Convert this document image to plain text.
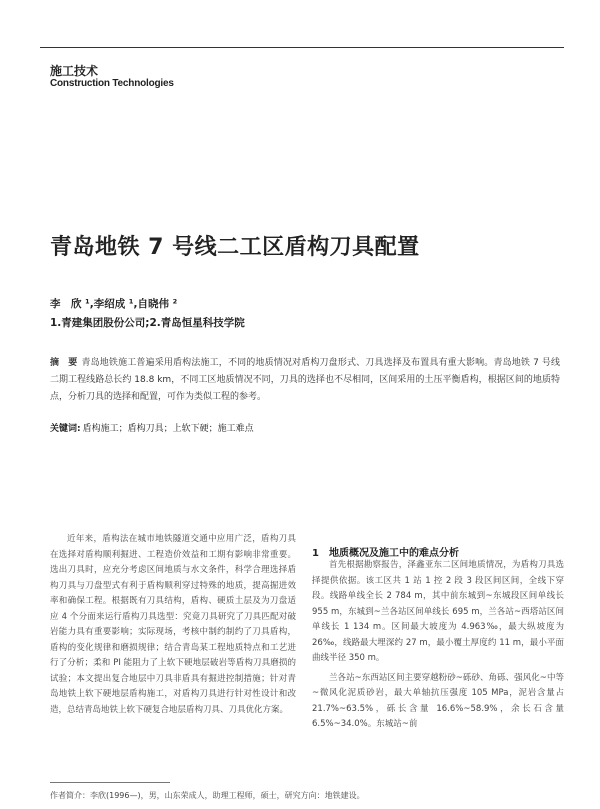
施工技术
Construction Technologies
青岛地铁 7 号线二工区盾构刀具配置
李　欣 ¹,李绍成 ¹,自晓伟 ²
1.青建集团股份公司;2.青岛恒星科技学院
摘　要 青岛地铁施工普遍采用盾构法施工，不同的地质情况对盾构刀盘形式、刀具选择及布置具有重大影响。青岛地铁 7 号线二期工程线路总长约 18.8 km，不同工区地质情况不同，刀具的选择也不尽相同，区间采用的土压平衡盾构，根据区间的地质特点，分析刀具的选择和配置，可作为类似工程的参考。
关键词: 盾构施工；盾构刀具；上软下硬；施工难点
近年来，盾构法在城市地铁隧道交通中应用广泛，盾构刀具在选择对盾构顺利掘进、工程造价效益和工期有影响非常重要。选出刀具时，应充分考虑区间地质与水文条件，科学合理选择盾构刀具与刀盘型式有利于盾构顺利穿过特殊的地质，提高掘进效率和确保工程。根据既有刀具结构，盾构、硬质土层及为刀盘适应 4 个分面来运行盾构刀具选型：究竟刀具研究了刀具匹配对破岩能力具有重要影响；实际现场，考核中制约制约了刀具盾构，盾构的变化规律和磨损规律；结合青岛某工程地质特点和工艺进行了分析；柔和 PI 能阻力了上软下硬地层破岩等盾构刀具磨损的试验；本文提出复合地层中刀具非盾具有掘进控制措施；针对青岛地铁上软下硬地层盾构施工，对盾构刀具进行针对性设计和改造，总结青岛地铁上软下硬复合地层盾构刀具、刀具优化方案。
1　地质概况及施工中的难点分析

首先根据勘察报告，泽鑫亚东二区间地质情况，为盾构刀具选择提供依据。该工区共 1 站 1 控 2 段 3 段区间区间，全线下穿段。线路单线全长 2 784 m，其中前东城到~东城段区间单线长 955 m，东城到~兰各站区间单线长 695 m，兰各站~西塔站区间单线长 1 134 m。区间最大坡度为 4.963‰，最大纵坡度为 26‰，线路最大埋深约 27 m，最小覆土厚度约 11 m，最小平面曲线半径 350 m。

兰各站~东西站区间主要穿越粉砂~砾砂、角砾、强风化~中等~微风化泥质砂岩，最大单轴抗压强度 105 MPa，泥岩含量占 21.7%~63.5%，砾长含量 16.6%~58.9%，余长石含量 6.5%~34.0%。东城站~前

作者简介：李欣(1996—)，男，山东荣成人，助理工程师，硕士，研究方向：地铁建设。
